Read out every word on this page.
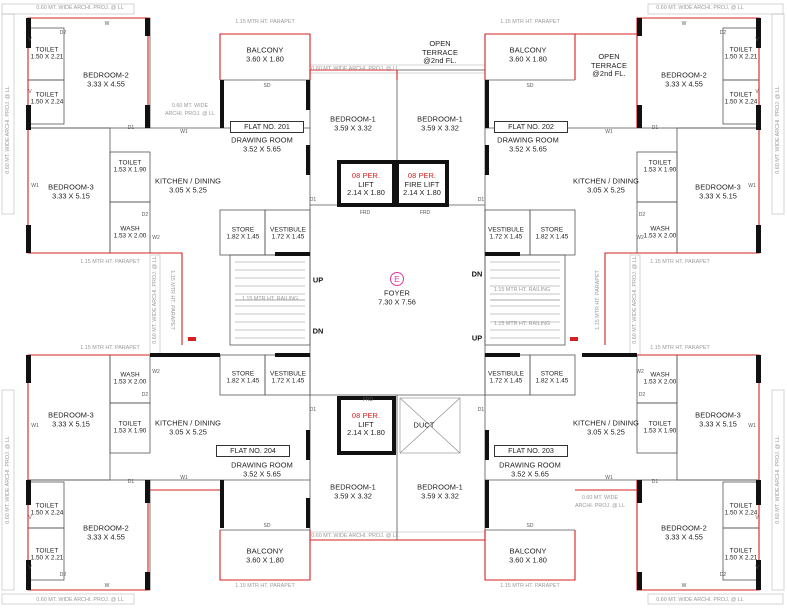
E
FOYER
7.30 X 7.56
08 PER.
LIFT
2.14 X 1.80
08 PER.
FIRE LIFT
2.14 X 1.80
08 PER.
LIFT
2.14 X 1.80
DUCT
FRD	FRD
FRD
UP
DN
DN
UP
1.15 MTR HT. RAILING
1.15 MTR HT. RAILING
1.15 MTR HT. RAILING
FLAT NO. 201
BALCONY
3.60 X 1.80
BEDROOM-1
3.59 X 3.32
BEDROOM-2
3.33 X 4.55
BEDROOM-3
3.33 X 5.15
DRAWING ROOM
3.52 X 5.65
KITCHEN / DINING
3.05 X 5.25
TOILET
1.50 X 2.21
TOILET
1.50 X 2.24
TOILET
1.53 X 1.90
WASH
1.53 X 2.00
STORE
1.82 X 1.45
VESTIBULE
1.72 X 1.45
FLAT NO. 202
BALCONY
3.60 X 1.80
OPEN
TERRACE
@2nd FL.	OPEN
TERRACE
@2nd FL.
BEDROOM-1
3.59 X 3.32
BEDROOM-2
3.33 X 4.55
BEDROOM-3
3.33 X 5.15
DRAWING ROOM
3.52 X 5.65
KITCHEN / DINING
3.05 X 5.25
TOILET
1.50 X 2.21
TOILET
1.50 X 2.24
TOILET
1.53 X 1.90
WASH
1.53 X 2.00
STORE
1.82 X 1.45
VESTIBULE
1.72 X 1.45
FLAT NO. 204
BALCONY
3.60 X 1.80
BEDROOM-1
3.59 X 3.32
BEDROOM-2
3.33 X 4.55
BEDROOM-3
3.33 X 5.15
DRAWING ROOM
3.52 X 5.65
KITCHEN / DINING
3.05 X 5.25
TOILET
1.50 X 2.21
TOILET
1.50 X 2.24
TOILET
1.53 X 1.90
WASH
1.53 X 2.00
STORE
1.82 X 1.45
VESTIBULE
1.72 X 1.45
FLAT NO. 203
BALCONY
3.60 X 1.80
BEDROOM-1
3.59 X 3.32
BEDROOM-2
3.33 X 4.55
BEDROOM-3
3.33 X 5.15
DRAWING ROOM
3.52 X 5.65
KITCHEN / DINING
3.05 X 5.25
TOILET
1.50 X 2.21
TOILET
1.50 X 2.24
TOILET
1.53 X 1.90
WASH
1.53 X 2.00
STORE
1.82 X 1.45
VESTIBULE
1.72 X 1.45
1.15 MTR HT. PARAPET	1.15 MTR HT. PARAPET
1.15 MTR HT. PARAPET	1.15 MTR HT. PARAPET
1.15 MTR HT. PARAPET	1.15 MTR HT. PARAPET
1.15 MTR HT. PARAPET	1.15 MTR HT. PARAPET
1.15 MTR HT. PARAPET	1.15 MTR HT. PARAPET
0.60 MT. WIDE ARCHI. PROJ. @ LL	0.60 MT. WIDE ARCHI. PROJ. @ LL
0.60 MT. WIDE ARCHI. PROJ. @ LL	0.60 MT. WIDE ARCHI. PROJ. @ LL
0.60 MT. WIDE ARCHI. PROJ. @ LL
0.60 MT. WIDE ARCHI. PROJ. @ LL
0.60 MT. WIDE ARCHI. PROJ. @ LL	0.60 MT. WIDE ARCHI. PROJ. @ LL
0.60 MT. WIDE ARCHI. PROJ. @ LL	0.60 MT. WIDE ARCHI. PROJ. @ LL
0.60 MT. WIDE ARCHI. PROJ. @ LL	0.60 MT. WIDE ARCHI. PROJ. @ LL
0.60 MT. WIDE
ARCHI. PROJ. @ LL
0.60 MT. WIDE
ARCHI. PROJ. @ LL
W	W
W	W
W1	W1
W1	W1
W1	W1
W1	W1
W2	W2
W2	W2
SD	SD
SD	SD
D1	D1
D1	D1
D1	D1
D1	D1
D2	D2
D2	D2
D2	D2
D2	D2
V
V
V
V
V
V
V
V
